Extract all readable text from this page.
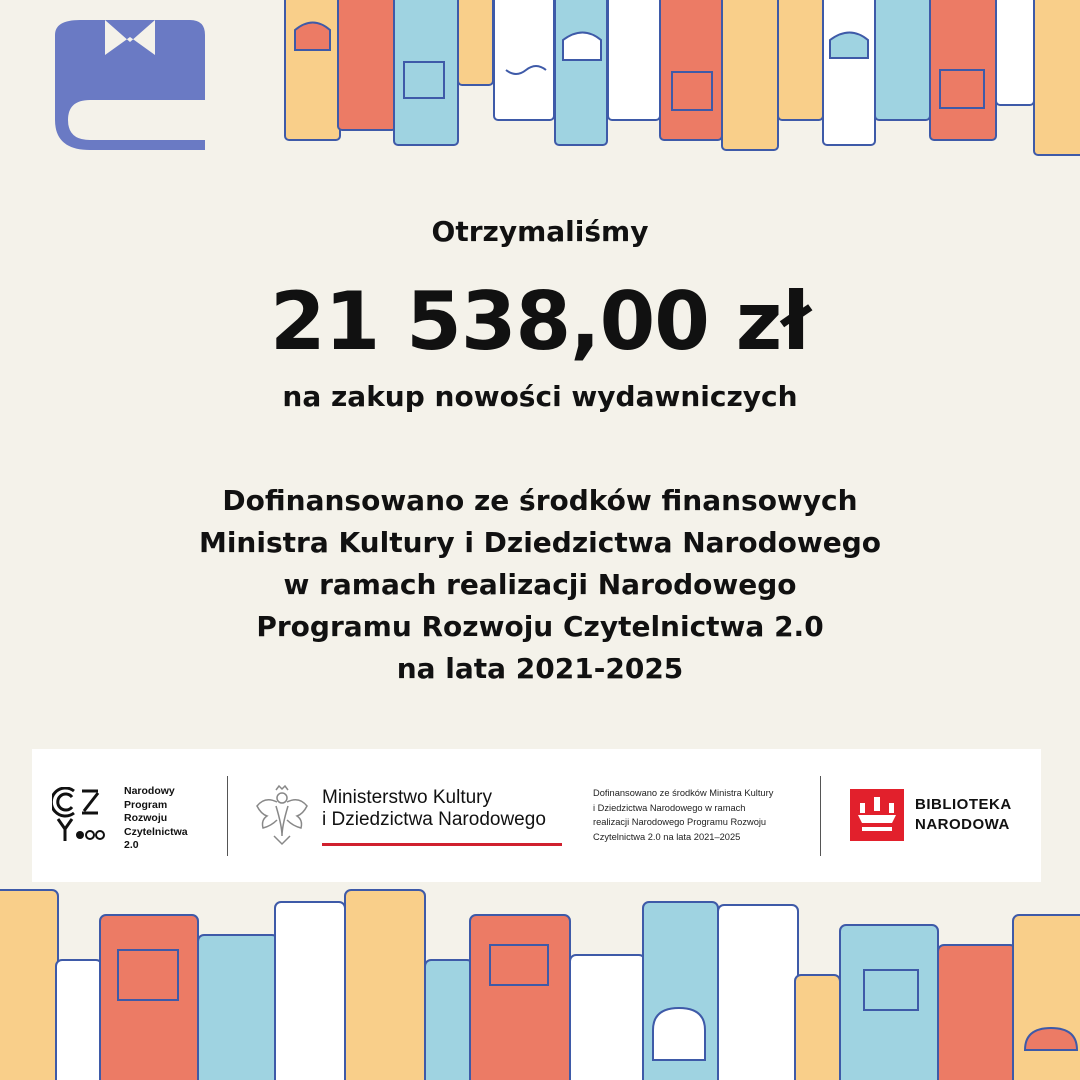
Otrzymaliśmy
21 538,00 zł
na zakup nowości wydawniczych
Dofinansowano ze środków finansowych
Ministra Kultury i Dziedzictwa Narodowego
w ramach realizacji Narodowego
Programu Rozwoju Czytelnictwa 2.0
na lata 2021-2025
Narodowy
Program
Rozwoju
Czytelnictwa
2.0
Ministerstwo Kultury
i Dziedzictwa Narodowego
Dofinansowano ze środków Ministra Kultury
i Dziedzictwa Narodowego w ramach
realizacji Narodowego Programu Rozwoju
Czytelnictwa 2.0 na lata 2021–2025
BIBLIOTEKA
NARODOWA
